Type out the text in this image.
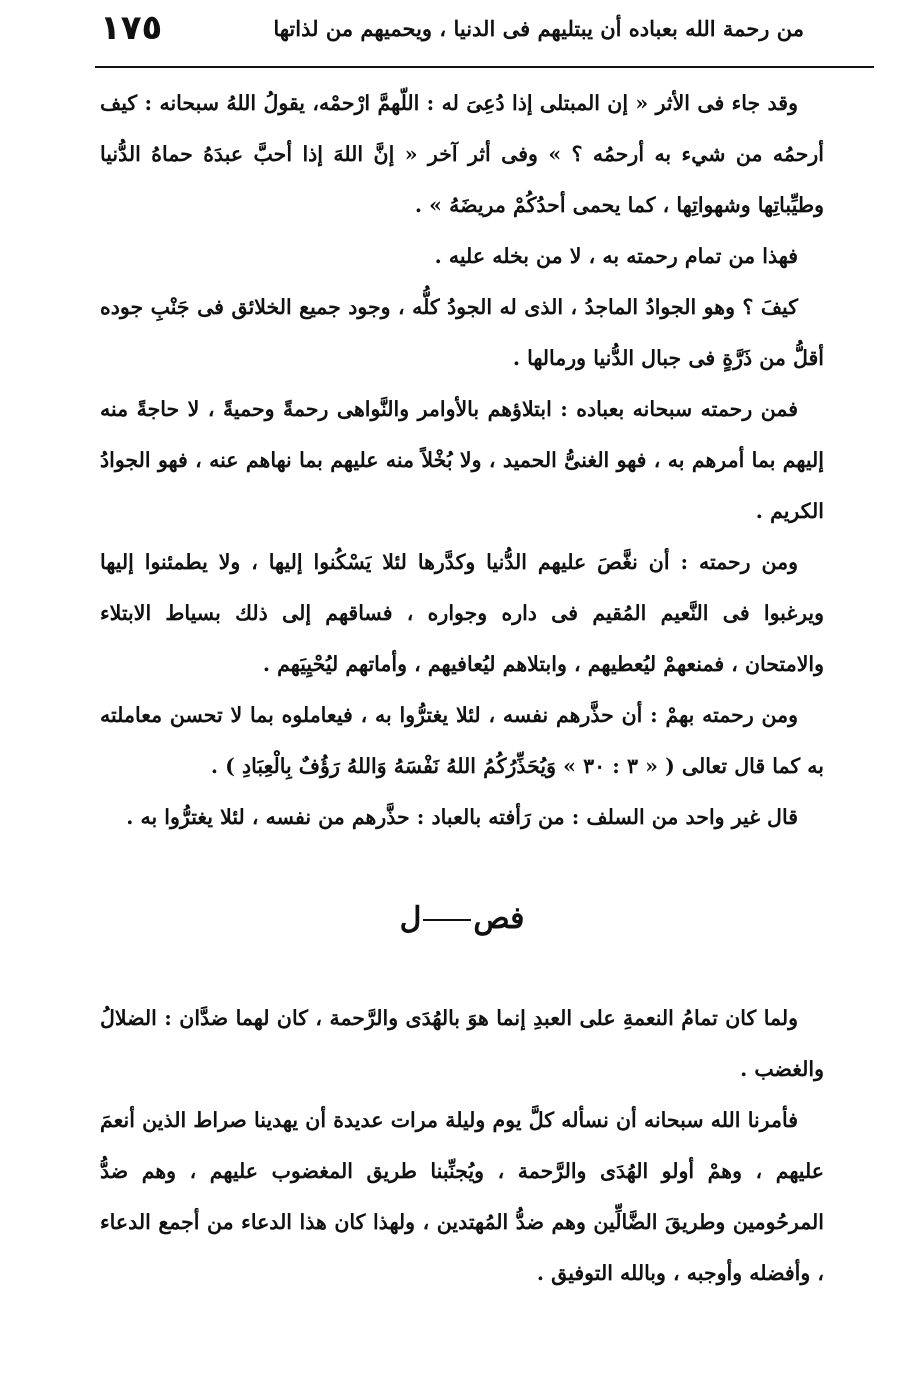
من رحمة الله بعباده أن يبتليهم فى الدنيا ، ويحميهم من لذاتها
١٧٥

وقد جاء فى الأثر « إن المبتلى إذا دُعِىَ له : اللّهمَّ ارْحمْه، يقولُ اللهُ سبحانه : كيف أرحمُه من شيء به أرحمُه ؟ » وفى أثر آخر « إنَّ اللهَ إذا أحبَّ عبدَهُ حماهُ الدُّنيا وطيِّباتِها وشهواتِها ، كما يحمى أحدُكُمْ مريضَهُ » .

فهذا من تمام رحمته به ، لا من بخله عليه .

كيفَ ؟ وهو الجوادُ الماجدُ ، الذى له الجودُ كلُّه ، وجود جميع الخلائق فى جَنْبِ جوده أقلُّ من ذَرَّةٍ فى جبال الدُّنيا ورمالها .

فمن رحمته سبحانه بعباده : ابتلاؤهم بالأوامر والنَّواهى رحمةً وحميةً ، لا حاجةً منه إليهم بما أمرهم به ، فهو الغنىُّ الحميد ، ولا بُخْلاً منه عليهم بما نهاهم عنه ، فهو الجوادُ الكريم .

ومن رحمته : أن نغَّصَ عليهم الدُّنيا وكدَّرها لئلا يَسْكُنوا إليها ، ولا يطمئنوا إليها ويرغبوا فى النَّعيم المُقيم فى داره وجواره ، فساقهم إلى ذلك بسياط الابتلاء والامتحان ، فمنعهمْ ليُعطيهم ، وابتلاهم ليُعافيهم ، وأماتهم ليُحْيِيَهم .

ومن رحمته بهمْ : أن حذَّرهم نفسه ، لئلا يغترُّوا به ، فيعاملوه بما لا تحسن معاملته به كما قال تعالى ( « ٣ : ٣٠ » وَيُحَذِّرُكُمُ اللهُ نَفْسَهُ وَاللهُ رَؤُفٌ بِالْعِبَادِ ) .

قال غير واحد من السلف : من رَأفته بالعباد : حذَّرهم من نفسه ، لئلا يغترُّوا به .

فصل

ولما كان تمامُ النعمةِ على العبدِ إنما هوَ بالهُدَى والرَّحمة ، كان لهما ضدَّان : الضلالُ والغضب .

فأمرنا الله سبحانه أن نسأله كلَّ يوم وليلة مرات عديدة أن يهدينا صراط الذين أنعمَ عليهم ، وهمْ أولو الهُدَى والرَّحمة ، ويُجنِّبنا طريق المغضوب عليهم ، وهم ضدُّ المرحُومين وطريقَ الضَّالِّين وهم ضدُّ المُهتدين ، ولهذا كان هذا الدعاء من أجمع الدعاء ، وأفضله وأوجبه ، وبالله التوفيق .
